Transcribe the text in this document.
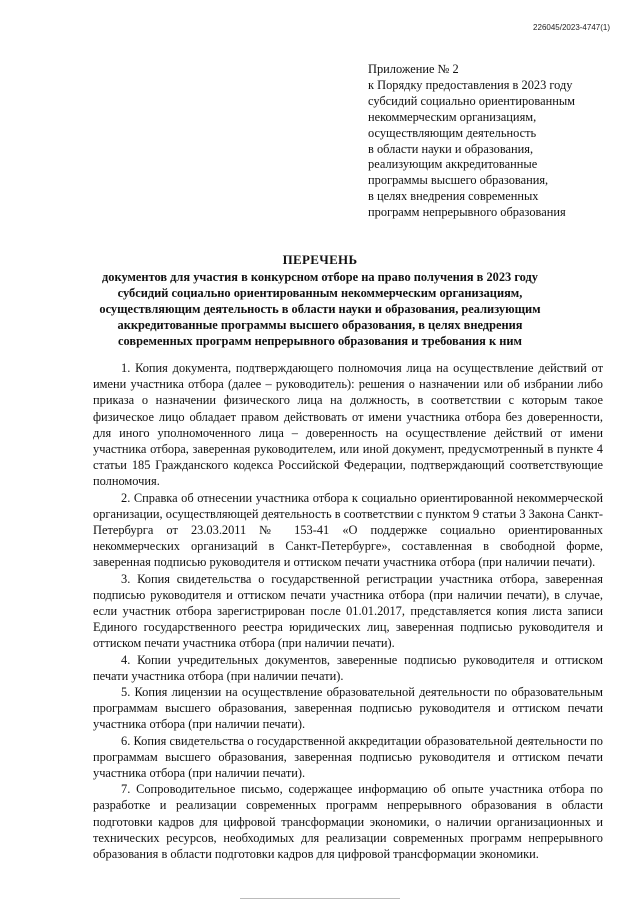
226045/2023-4747(1)
Приложение № 2
к Порядку предоставления в 2023 году
субсидий социально ориентированным
некоммерческим организациям,
осуществляющим деятельность
в области науки и образования,
реализующим аккредитованные
программы высшего образования,
в целях внедрения современных
программ непрерывного образования
ПЕРЕЧЕНЬ
документов для участия в конкурсном отборе на право получения в 2023 году
субсидий социально ориентированным некоммерческим организациям,
осуществляющим деятельность в области науки и образования, реализующим
аккредитованные программы высшего образования, в целях внедрения
современных программ непрерывного образования и требования к ним

1. Копия документа, подтверждающего полномочия лица на осуществление действий от имени участника отбора (далее – руководитель): решения о назначении или об избрании либо приказа о назначении физического лица на должность, в соответствии с которым такое физическое лицо обладает правом действовать от имени участника отбора без доверенности, для иного уполномоченного лица – доверенность на осуществление действий от имени участника отбора, заверенная руководителем, или иной документ, предусмотренный в пункте 4 статьи 185 Гражданского кодекса Российской Федерации, подтверждающий соответствующие полномочия.

2. Справка об отнесении участника отбора к социально ориентированной некоммерческой организации, осуществляющей деятельность в соответствии с пунктом 9 статьи 3 Закона Санкт-Петербурга от 23.03.2011 № 153-41 «О поддержке социально ориентированных некоммерческих организаций в Санкт-Петербурге», составленная в свободной форме, заверенная подписью руководителя и оттиском печати участника отбора (при наличии печати).

3. Копия свидетельства о государственной регистрации участника отбора, заверенная подписью руководителя и оттиском печати участника отбора (при наличии печати), в случае, если участник отбора зарегистрирован после 01.01.2017, представляется копия листа записи Единого государственного реестра юридических лиц, заверенная подписью руководителя и оттиском печати участника отбора (при наличии печати).

4. Копии учредительных документов, заверенные подписью руководителя и оттиском печати участника отбора (при наличии печати).

5. Копия лицензии на осуществление образовательной деятельности по образовательным программам высшего образования, заверенная подписью руководителя и оттиском печати участника отбора (при наличии печати).

6. Копия свидетельства о государственной аккредитации образовательной деятельности по программам высшего образования, заверенная подписью руководителя и оттиском печати участника отбора (при наличии печати).

7. Сопроводительное письмо, содержащее информацию об опыте участника отбора по разработке и реализации современных программ непрерывного образования в области подготовки кадров для цифровой трансформации экономики, о наличии организационных и технических ресурсов, необходимых для реализации современных программ непрерывного образования в области подготовки кадров для цифровой трансформации экономики.
